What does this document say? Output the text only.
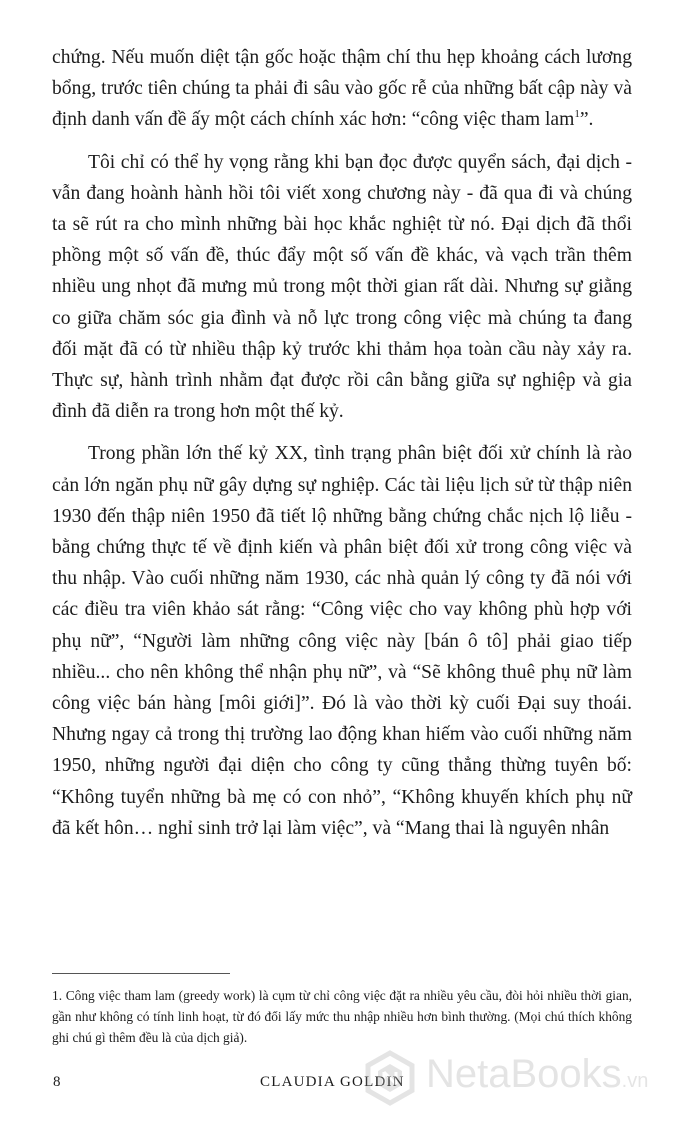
chứng. Nếu muốn diệt tận gốc hoặc thậm chí thu hẹp khoảng cách lương bổng, trước tiên chúng ta phải đi sâu vào gốc rễ của những bất cập này và định danh vấn đề ấy một cách chính xác hơn: “công việc tham lam$^1$”.

Tôi chỉ có thể hy vọng rằng khi bạn đọc được quyển sách, đại dịch - vẫn đang hoành hành hồi tôi viết xong chương này - đã qua đi và chúng ta sẽ rút ra cho mình những bài học khắc nghiệt từ nó. Đại dịch đã thổi phồng một số vấn đề, thúc đẩy một số vấn đề khác, và vạch trần thêm nhiều ung nhọt đã mưng mủ trong một thời gian rất dài. Nhưng sự giằng co giữa chăm sóc gia đình và nỗ lực trong công việc mà chúng ta đang đối mặt đã có từ nhiều thập kỷ trước khi thảm họa toàn cầu này xảy ra. Thực sự, hành trình nhằm đạt được rồi cân bằng giữa sự nghiệp và gia đình đã diễn ra trong hơn một thế kỷ.

Trong phần lớn thế kỷ XX, tình trạng phân biệt đối xử chính là rào cản lớn ngăn phụ nữ gây dựng sự nghiệp. Các tài liệu lịch sử từ thập niên 1930 đến thập niên 1950 đã tiết lộ những bằng chứng chắc nịch lộ liễu - bằng chứng thực tế về định kiến và phân biệt đối xử trong công việc và thu nhập. Vào cuối những năm 1930, các nhà quản lý công ty đã nói với các điều tra viên khảo sát rằng: “Công việc cho vay không phù hợp với phụ nữ”, “Người làm những công việc này [bán ô tô] phải giao tiếp nhiều... cho nên không thể nhận phụ nữ”, và “Sẽ không thuê phụ nữ làm công việc bán hàng [môi giới]”. Đó là vào thời kỳ cuối Đại suy thoái. Nhưng ngay cả trong thị trường lao động khan hiếm vào cuối những năm 1950, những người đại diện cho công ty cũng thẳng thừng tuyên bố: “Không tuyển những bà mẹ có con nhỏ”, “Không khuyến khích phụ nữ đã kết hôn… nghỉ sinh trở lại làm việc”, và “Mang thai là nguyên nhân

1. Công việc tham lam (greedy work) là cụm từ chỉ công việc đặt ra nhiều yêu cầu, đòi hỏi nhiều thời gian, gần như không có tính linh hoạt, từ đó đổi lấy mức thu nhập nhiều hơn bình thường. (Mọi chú thích không ghi chú gì thêm đều là của dịch giả).

8	CLAUDIA GOLDIN NetaBooks.vn
